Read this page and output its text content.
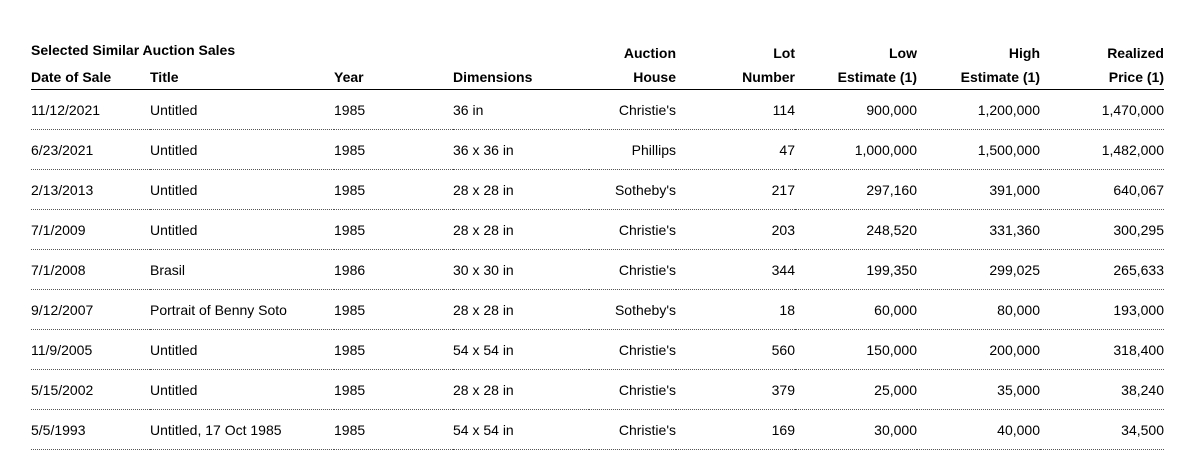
Selected Similar Auction Sales
					Auction	Lot	Low	High	Realized
Date of Sale	Title	Year	Dimensions	House	Number	Estimate (1)	Estimate (1)	Price (1)
11/12/2021	Untitled	1985	36 in	Christie's	114	900,000	1,200,000	1,470,000
6/23/2021	Untitled	1985	36 x 36 in	Phillips	47	1,000,000	1,500,000	1,482,000
2/13/2013	Untitled	1985	28 x 28 in	Sotheby's	217	297,160	391,000	640,067
7/1/2009	Untitled	1985	28 x 28 in	Christie's	203	248,520	331,360	300,295
7/1/2008	Brasil	1986	30 x 30 in	Christie's	344	199,350	299,025	265,633
9/12/2007	Portrait of Benny Soto	1985	28 x 28 in	Sotheby's	18	60,000	80,000	193,000
11/9/2005	Untitled	1985	54 x 54 in	Christie's	560	150,000	200,000	318,400
5/15/2002	Untitled	1985	28 x 28 in	Christie's	379	25,000	35,000	38,240
5/5/1993	Untitled, 17 Oct 1985	1985	54 x 54 in	Christie's	169	30,000	40,000	34,500
